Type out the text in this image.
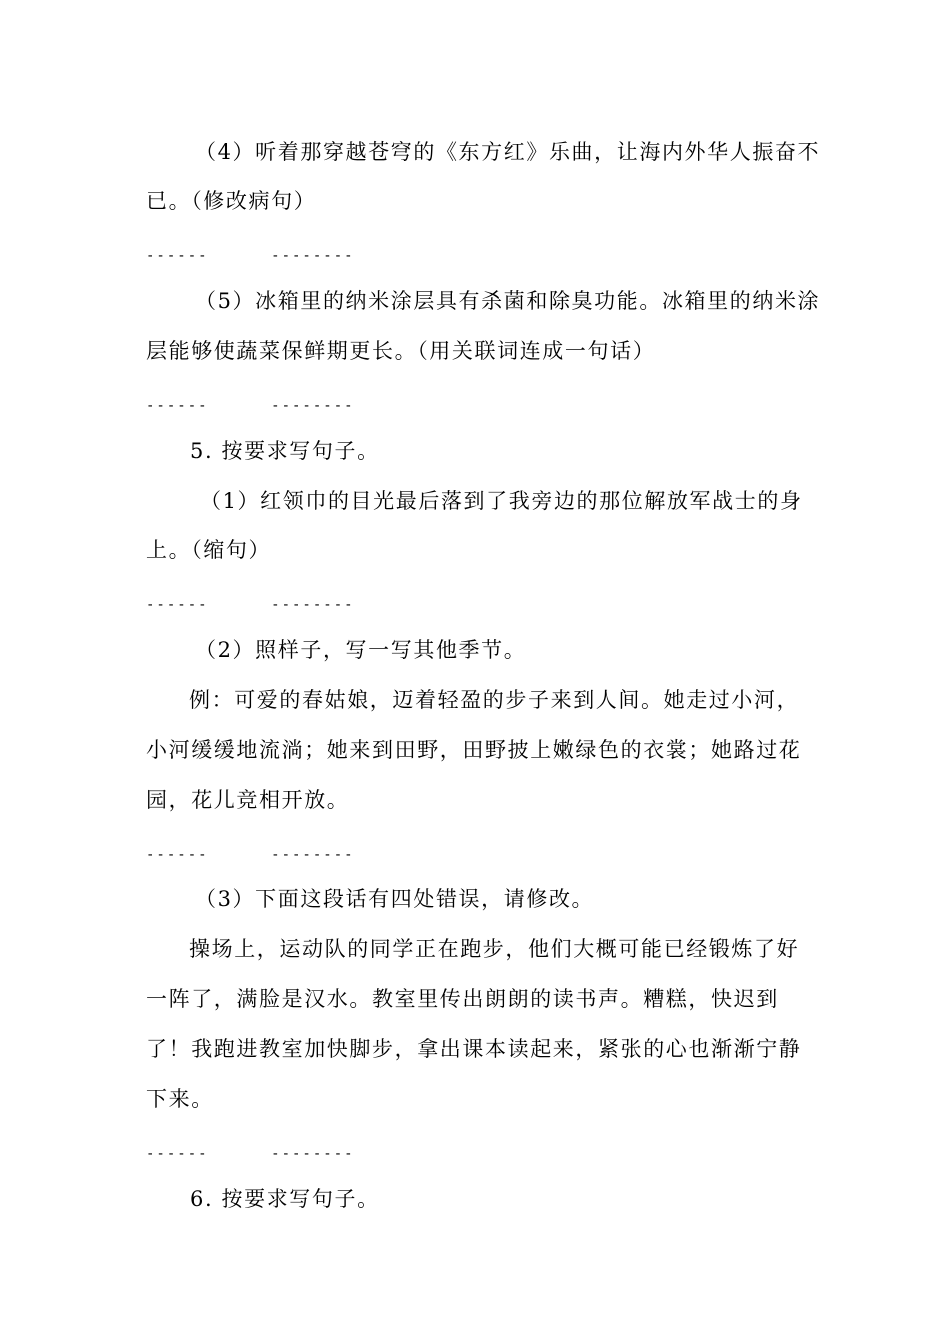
（4）听着那穿越苍穹的《东方红》乐曲，让海内外华人振奋不
已。（修改病句）
------      --------
（5）冰箱里的纳米涂层具有杀菌和除臭功能。冰箱里的纳米涂
层能够使蔬菜保鲜期更长。（用关联词连成一句话）
------      --------
5. 按要求写句子。
（1）红领巾的目光最后落到了我旁边的那位解放军战士的身
上。（缩句）
------      --------
（2）照样子，写一写其他季节。
例：可爱的春姑娘，迈着轻盈的步子来到人间。她走过小河，
小河缓缓地流淌；她来到田野，田野披上嫩绿色的衣裳；她路过花
园，花儿竞相开放。
------      --------
（3）下面这段话有四处错误，请修改。
操场上，运动队的同学正在跑步，他们大概可能已经锻炼了好
一阵了，满脸是汉水。教室里传出朗朗的读书声。糟糕，快迟到
了！我跑进教室加快脚步，拿出课本读起来，紧张的心也渐渐宁静
下来。
------      --------
6. 按要求写句子。
